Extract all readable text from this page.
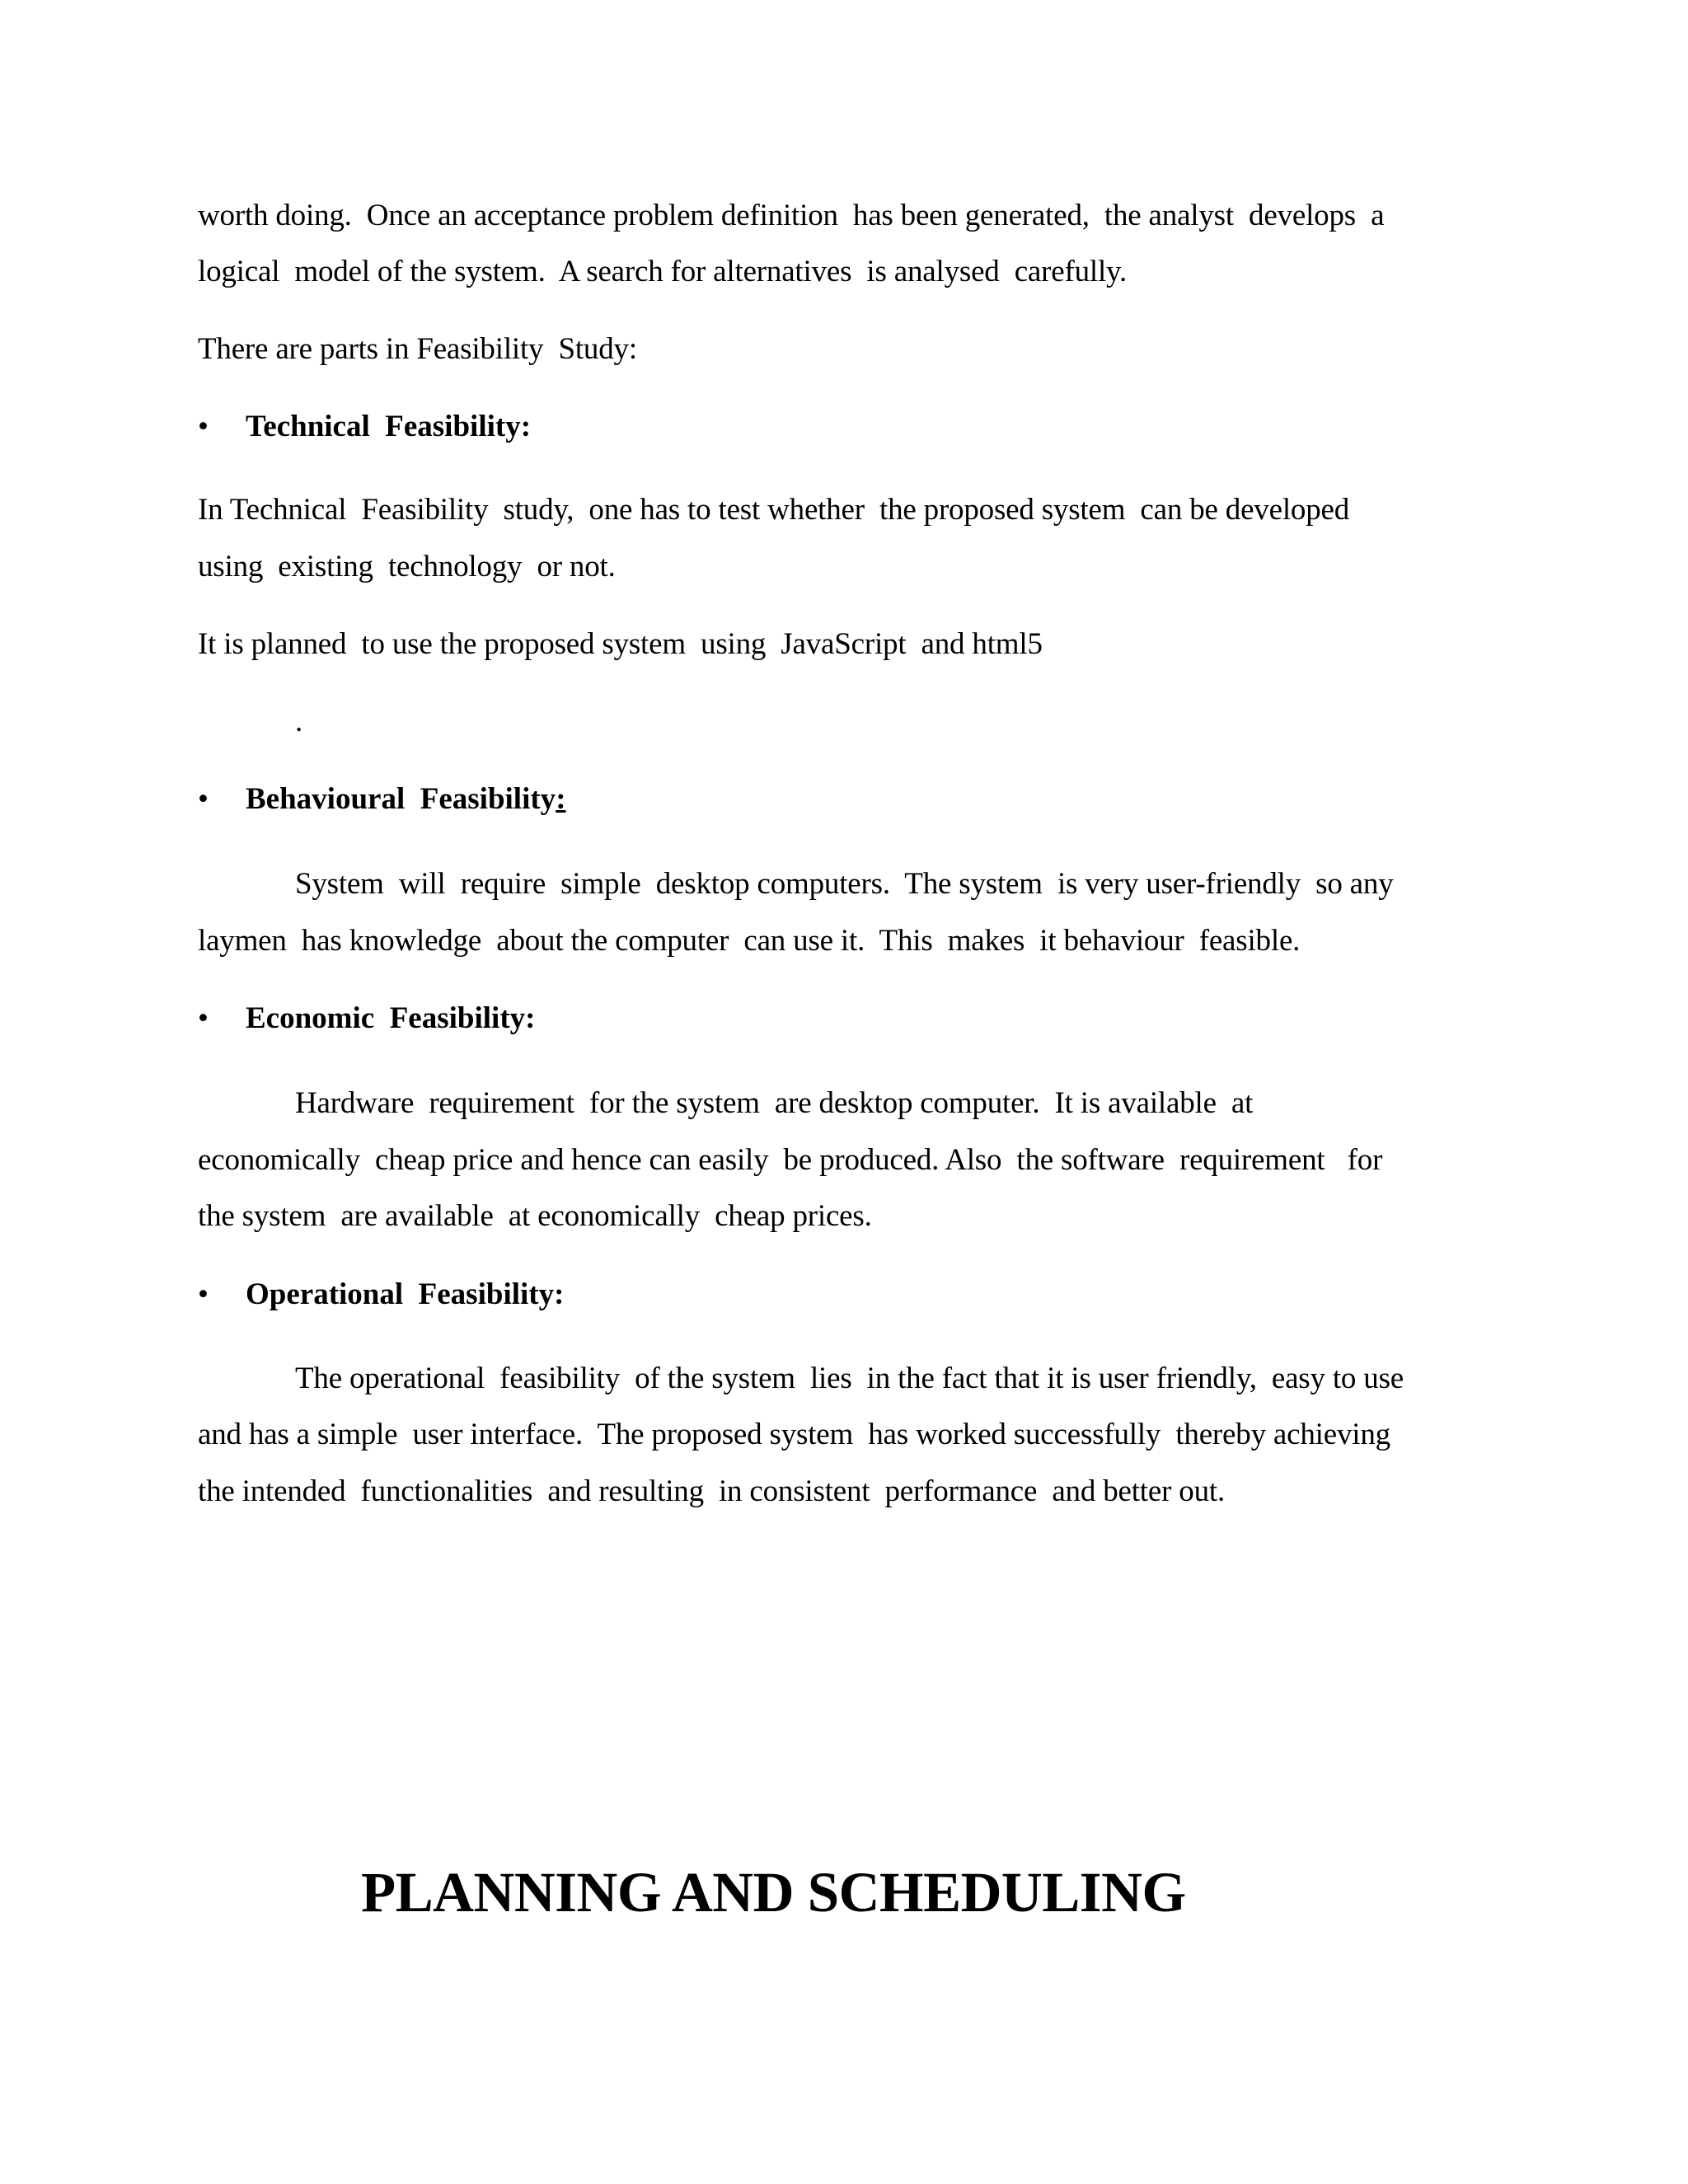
worth doing.  Once an acceptance problem definition  has been generated,  the analyst  develops  a
logical  model of the system.  A search for alternatives  is analysed  carefully.
There are parts in Feasibility  Study:
• Technical  Feasibility:
In Technical  Feasibility  study,  one has to test whether  the proposed system  can be developed
using  existing  technology  or not.
It is planned  to use the proposed system  using  JavaScript  and html5
.
• Behavioural  Feasibility:
System  will  require  simple  desktop computers.  The system  is very user-friendly  so any
laymen  has knowledge  about the computer  can use it.  This  makes  it behaviour  feasible.
• Economic  Feasibility:
Hardware  requirement  for the system  are desktop computer.  It is available  at
economically  cheap price and hence can easily  be produced. Also  the software  requirement   for
the system  are available  at economically  cheap prices.
• Operational  Feasibility:
The operational  feasibility  of the system  lies  in the fact that it is user friendly,  easy to use
and has a simple  user interface.  The proposed system  has worked successfully  thereby achieving
the intended  functionalities  and resulting  in consistent  performance  and better out.
PLANNING AND SCHEDULING
